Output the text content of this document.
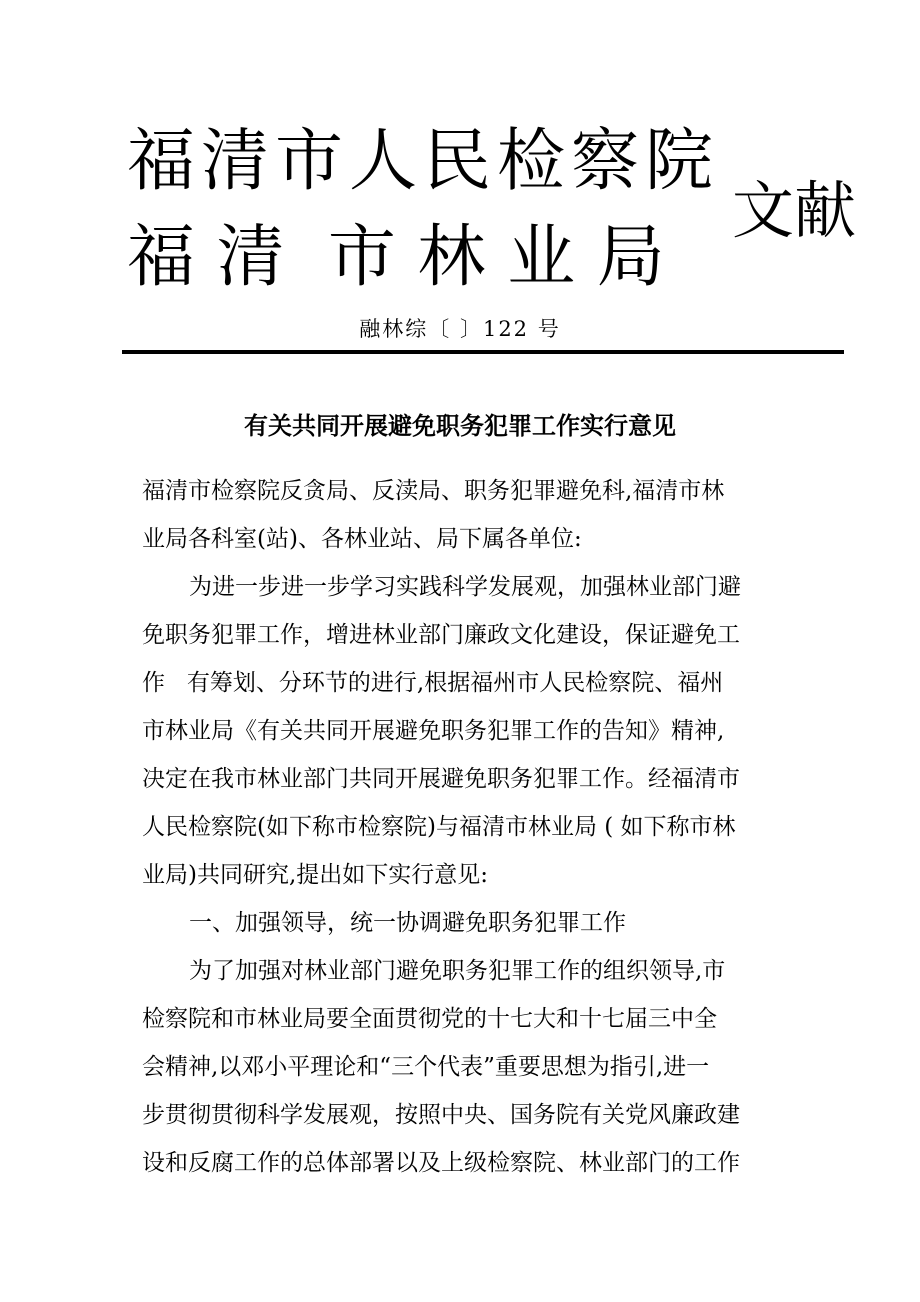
福清市人民检察院
福 清  市 林 业 局
文献
融林综〔 〕122 号
有关共同开展避免职务犯罪工作实行意见
福清市检察院反贪局、反渎局、职务犯罪避免科,福清市林
业局各科室(站)、各林业站、局下属各单位:
为进一步进一步学习实践科学发展观，加强林业部门避
免职务犯罪工作，增进林业部门廉政文化建设，保证避免工
作   有筹划、分环节的进行,根据福州市人民检察院、福州
市林业局《有关共同开展避免职务犯罪工作的告知》精神,
决定在我市林业部门共同开展避免职务犯罪工作。经福清市
人民检察院(如下称市检察院)与福清市林业局 ( 如下称市林
业局)共同研究,提出如下实行意见:
一、加强领导，统一协调避免职务犯罪工作
为了加强对林业部门避免职务犯罪工作的组织领导,市
检察院和市林业局要全面贯彻党的十七大和十七届三中全
会精神,以邓小平理论和“三个代表”重要思想为指引,进一
步贯彻贯彻科学发展观，按照中央、国务院有关党风廉政建
设和反腐工作的总体部署以及上级检察院、林业部门的工作
